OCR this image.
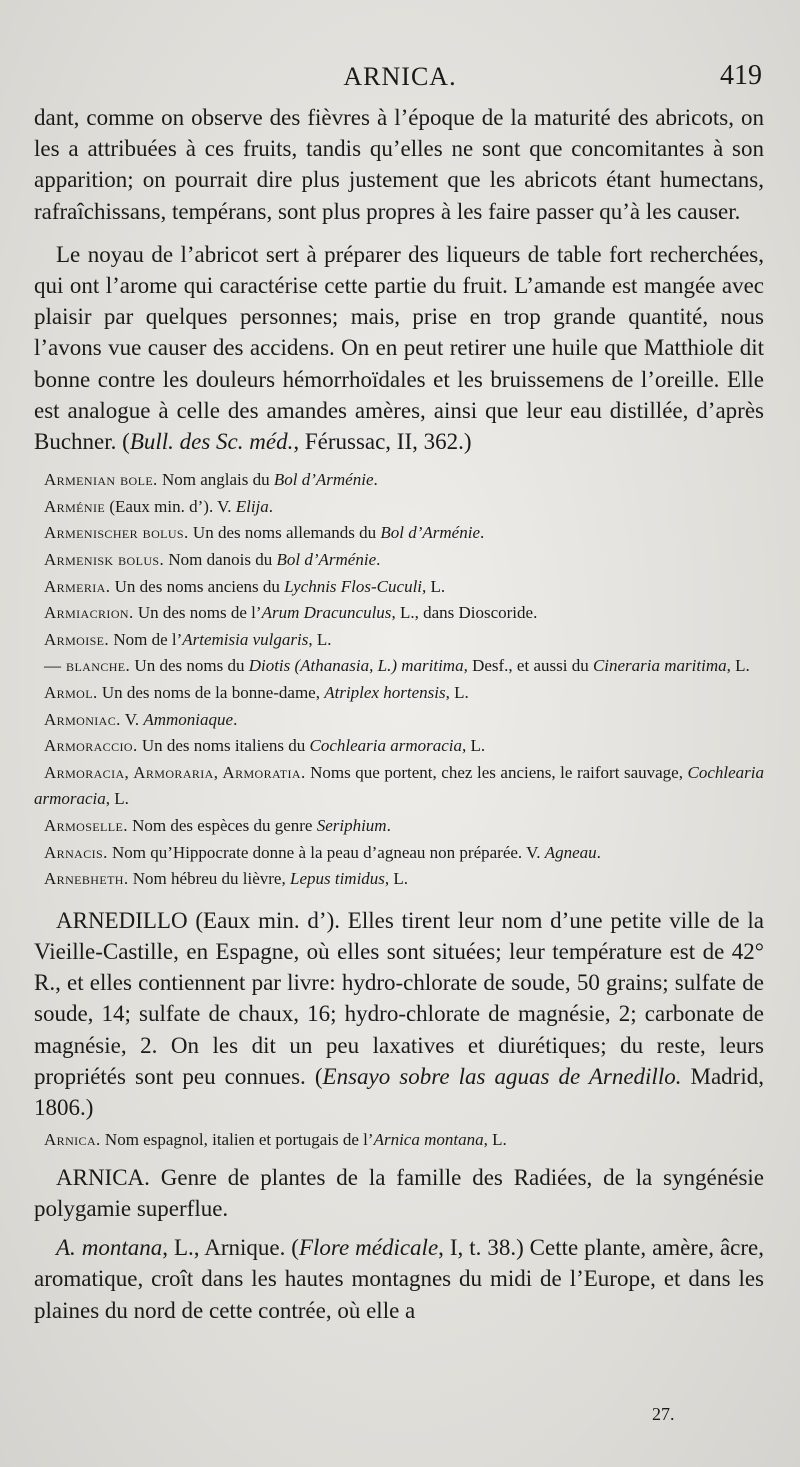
ARNICA.	419

dant, comme on observe des fièvres à l’époque de la maturité des abricots, on les a attribuées à ces fruits, tandis qu’elles ne sont que concomitantes à son apparition; on pourrait dire plus justement que les abricots étant humectans, rafraîchissans, tempérans, sont plus propres à les faire passer qu’à les causer.

Le noyau de l’abricot sert à préparer des liqueurs de table fort recherchées, qui ont l’arome qui caractérise cette partie du fruit. L’amande est mangée avec plaisir par quelques personnes; mais, prise en trop grande quantité, nous l’avons vue causer des accidens. On en peut retirer une huile que Matthiole dit bonne contre les douleurs hémorrhoïdales et les bruissemens de l’oreille. Elle est analogue à celle des amandes amères, ainsi que leur eau distillée, d’après Buchner. (Bull. des Sc. méd., Férussac, II, 362.)

Armenian bole. Nom anglais du Bol d’Arménie.

Arménie (Eaux min. d’). V. Elija.

Armenischer bolus. Un des noms allemands du Bol d’Arménie.

Armenisk bolus. Nom danois du Bol d’Arménie.

Armeria. Un des noms anciens du Lychnis Flos-Cuculi, L.

Armiacrion. Un des noms de l’Arum Dracunculus, L., dans Dioscoride.

Armoise. Nom de l’Artemisia vulgaris, L.

— blanche. Un des noms du Diotis (Athanasia, L.) maritima, Desf., et aussi du Cineraria maritima, L.

Armol. Un des noms de la bonne-dame, Atriplex hortensis, L.

Armoniac. V. Ammoniaque.

Armoraccio. Un des noms italiens du Cochlearia armoracia, L.

Armoracia, Armoraria, Armoratia. Noms que portent, chez les anciens, le raifort sauvage, Cochlearia armoracia, L.

Armoselle. Nom des espèces du genre Seriphium.

Arnacis. Nom qu’Hippocrate donne à la peau d’agneau non préparée. V. Agneau.

Arnebheth. Nom hébreu du lièvre, Lepus timidus, L.

ARNEDILLO (Eaux min. d’). Elles tirent leur nom d’une petite ville de la Vieille-Castille, en Espagne, où elles sont situées; leur température est de 42° R., et elles contiennent par livre: hydro-chlorate de soude, 50 grains; sulfate de soude, 14; sulfate de chaux, 16; hydro-chlorate de magnésie, 2; carbonate de magnésie, 2. On les dit un peu laxatives et diurétiques; du reste, leurs propriétés sont peu connues. (Ensayo sobre las aguas de Arnedillo. Madrid, 1806.)

Arnica. Nom espagnol, italien et portugais de l’Arnica montana, L.

ARNICA. Genre de plantes de la famille des Radiées, de la syngénésie polygamie superflue.

A. montana, L., Arnique. (Flore médicale, I, t. 38.) Cette plante, amère, âcre, aromatique, croît dans les hautes montagnes du midi de l’Europe, et dans les plaines du nord de cette contrée, où elle a

27.
